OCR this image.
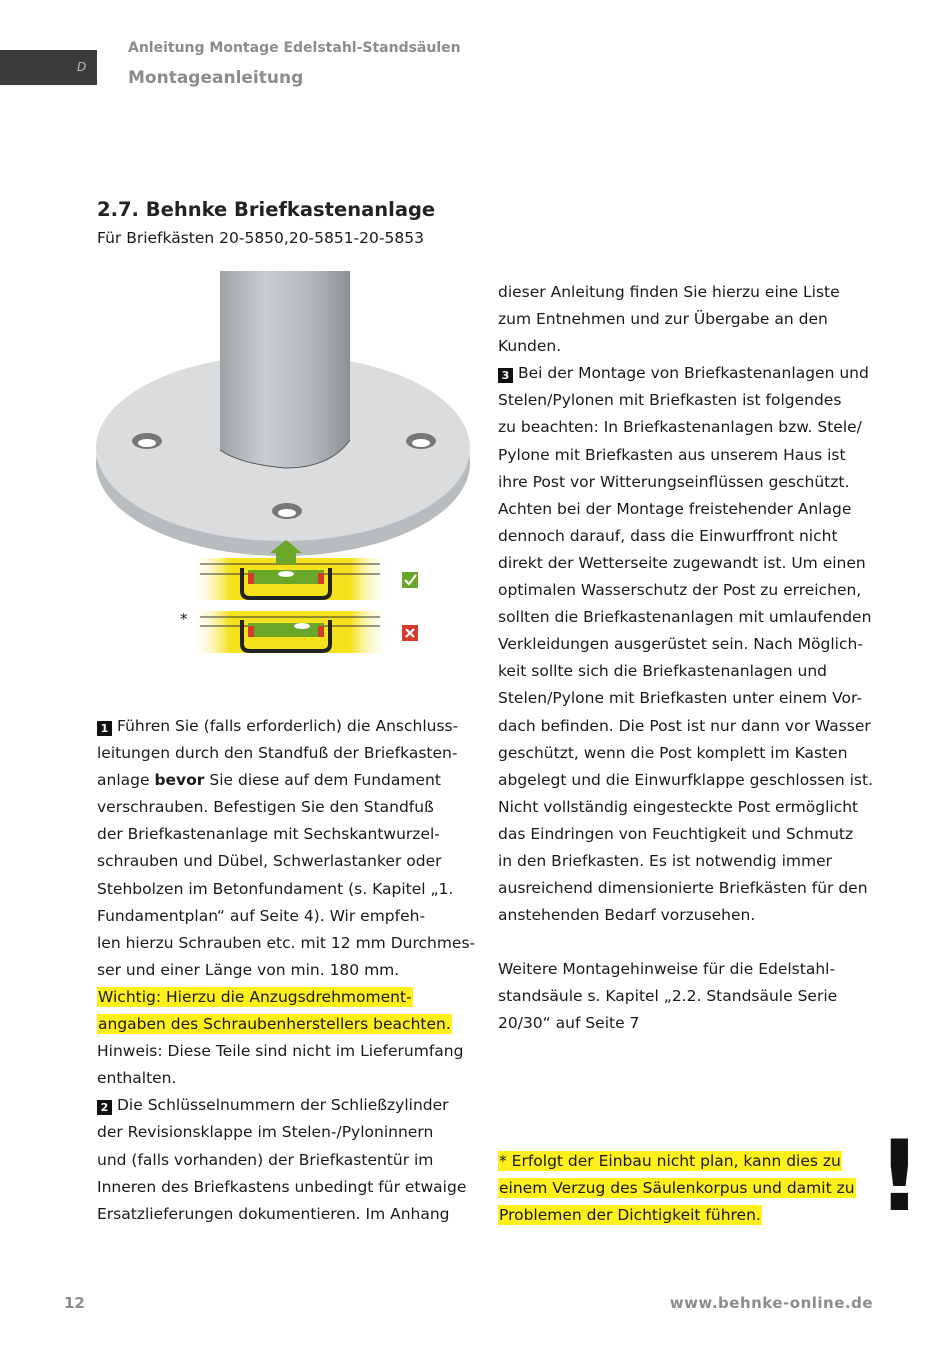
D
Anleitung Montage Edelstahl-Standsäulen
Montageanleitung
2.7. Behnke Briefkastenanlage
Für Briefkästen 20-5850,20-5851-20-5853
*

1 Führen Sie (falls erforderlich) die Anschluss-

leitungen durch den Standfuß der Briefkasten-

anlage bevor Sie diese auf dem Fundament

verschrauben. Befestigen Sie den Standfuß

der Briefkastenanlage mit Sechskantwurzel-

schrauben und Dübel, Schwerlastanker oder

Stehbolzen im Betonfundament (s. Kapitel „1.

Fundamentplan“ auf Seite 4). Wir empfeh-

len hierzu Schrauben etc. mit 12 mm Durchmes-

ser und einer Länge von min. 180 mm.

Wichtig: Hierzu die Anzugsdrehmoment-

angaben des Schraubenherstellers beachten.

Hinweis: Diese Teile sind nicht im Lieferumfang

enthalten.

2 Die Schlüsselnummern der Schließzylinder

der Revisionsklappe im Stelen-/Pyloninnern

und (falls vorhanden) der Briefkastentür im

Inneren des Briefkastens unbedingt für etwaige

Ersatzlieferungen dokumentieren. Im Anhang

dieser Anleitung finden Sie hierzu eine Liste

zum Entnehmen und zur Übergabe an den

Kunden.

3 Bei der Montage von Briefkastenanlagen und

Stelen/Pylonen mit Briefkasten ist folgendes

zu beachten: In Briefkastenanlagen bzw. Stele/

Pylone mit Briefkasten aus unserem Haus ist

ihre Post vor Witterungseinflüssen geschützt.

Achten bei der Montage freistehender Anlage

dennoch darauf, dass die Einwurffront nicht

direkt der Wetterseite zugewandt ist. Um einen

optimalen Wasserschutz der Post zu erreichen,

sollten die Briefkastenanlagen mit umlaufenden

Verkleidungen ausgerüstet sein. Nach Möglich-

keit sollte sich die Briefkastenanlagen und

Stelen/Pylone mit Briefkasten unter einem Vor-

dach befinden. Die Post ist nur dann vor Wasser

geschützt, wenn die Post komplett im Kasten

abgelegt und die Einwurfklappe geschlossen ist.

Nicht vollständig eingesteckte Post ermöglicht

das Eindringen von Feuchtigkeit und Schmutz

in den Briefkasten. Es ist notwendig immer

ausreichend dimensionierte Briefkästen für den

anstehenden Bedarf vorzusehen.

Weitere Montagehinweise für die Edelstahl-

standsäule s. Kapitel „2.2. Standsäule Serie

20/30“ auf Seite 7

* Erfolgt der Einbau nicht plan, kann dies zu

einem Verzug des Säulenkorpus und damit zu

Problemen der Dichtigkeit führen.	!
12	www.behnke-online.de
